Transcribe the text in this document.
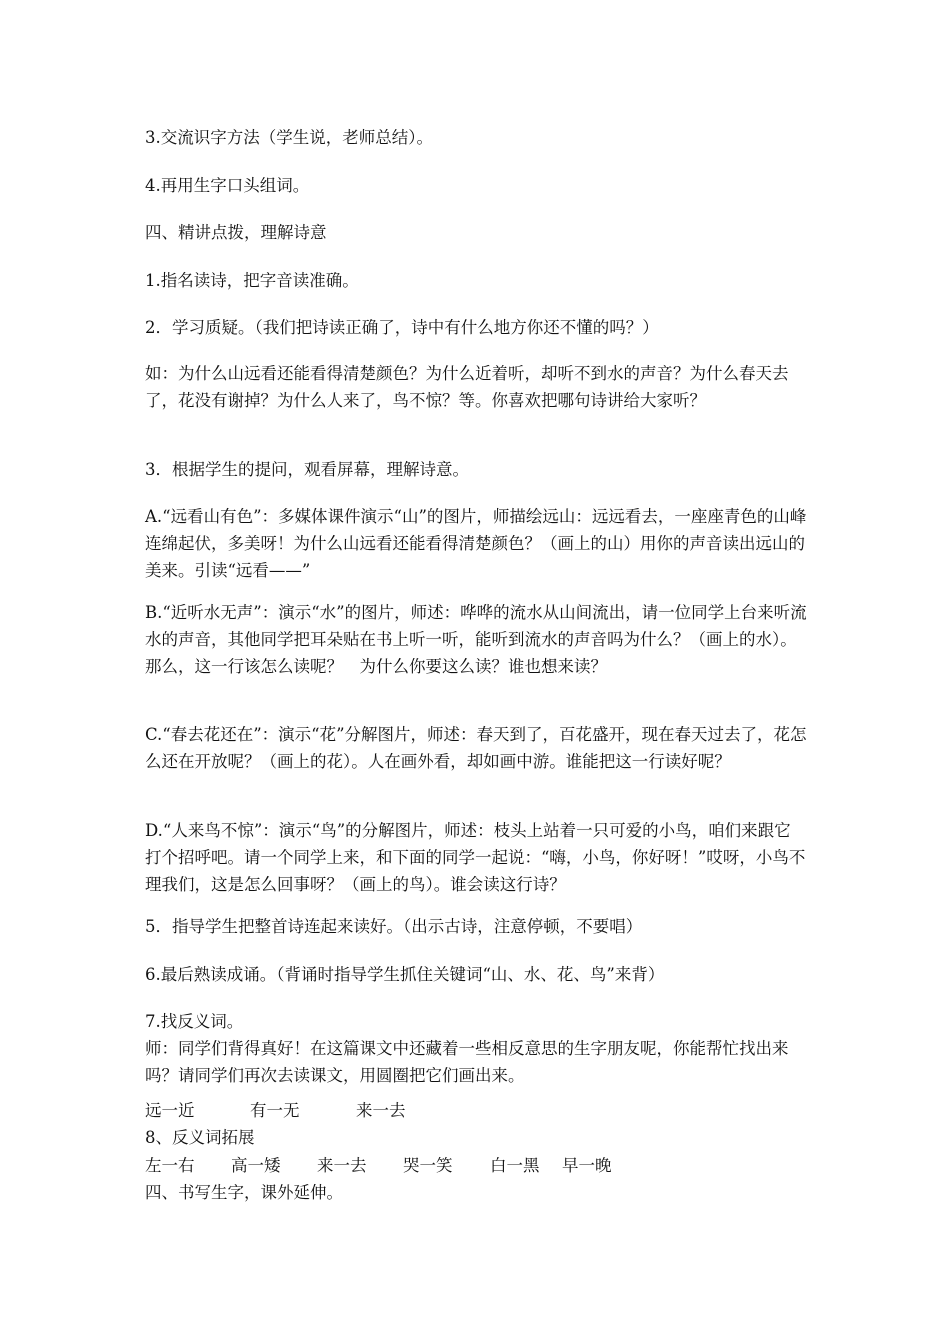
3.交流识字方法（学生说，老师总结）。

4.再用生字口头组词。

四、精讲点拨，理解诗意

1.指名读诗，把字音读准确。

2．学习质疑。（我们把诗读正确了，诗中有什么地方你还不懂的吗？）

如：为什么山远看还能看得清楚颜色？为什么近着听，却听不到水的声音？为什么春天去了，花没有谢掉？为什么人来了，鸟不惊？等。你喜欢把哪句诗讲给大家听？

3．根据学生的提问，观看屏幕，理解诗意。

A.“远看山有色”：多媒体课件演示“山”的图片，师描绘远山：远远看去，一座座青色的山峰连绵起伏，多美呀！为什么山远看还能看得清楚颜色？（画上的山）用你的声音读出远山的美来。引读“远看——”

B.“近听水无声”：演示“水”的图片，师述：哗哗的流水从山间流出，请一位同学上台来听流水的声音，其他同学把耳朵贴在书上听一听，能听到流水的声音吗为什么？（画上的水）。那么，这一行该怎么读呢？　为什么你要这么读？谁也想来读？

C.“春去花还在”：演示“花”分解图片，师述：春天到了，百花盛开，现在春天过去了，花怎么还在开放呢？（画上的花）。人在画外看，却如画中游。谁能把这一行读好呢？

D.“人来鸟不惊”：演示“鸟”的分解图片，师述：枝头上站着一只可爱的小鸟，咱们来跟它打个招呼吧。请一个同学上来，和下面的同学一起说：“嗨，小鸟，你好呀！”哎呀，小鸟不理我们，这是怎么回事呀？（画上的鸟）。谁会读这行诗？

5．指导学生把整首诗连起来读好。（出示古诗，注意停顿，不要唱）

6.最后熟读成诵。（背诵时指导学生抓住关键词“山、水、花、鸟”来背）

7.找反义词。

师：同学们背得真好！在这篇课文中还藏着一些相反意思的生字朋友呢，你能帮忙找出来吗？请同学们再次去读课文，用圆圈把它们画出来。

远一近	有一无	来一去

8、反义词拓展

左一右 高一矮 来一去 哭一笑 白一黑 早一晚

四、书写生字，课外延伸。
